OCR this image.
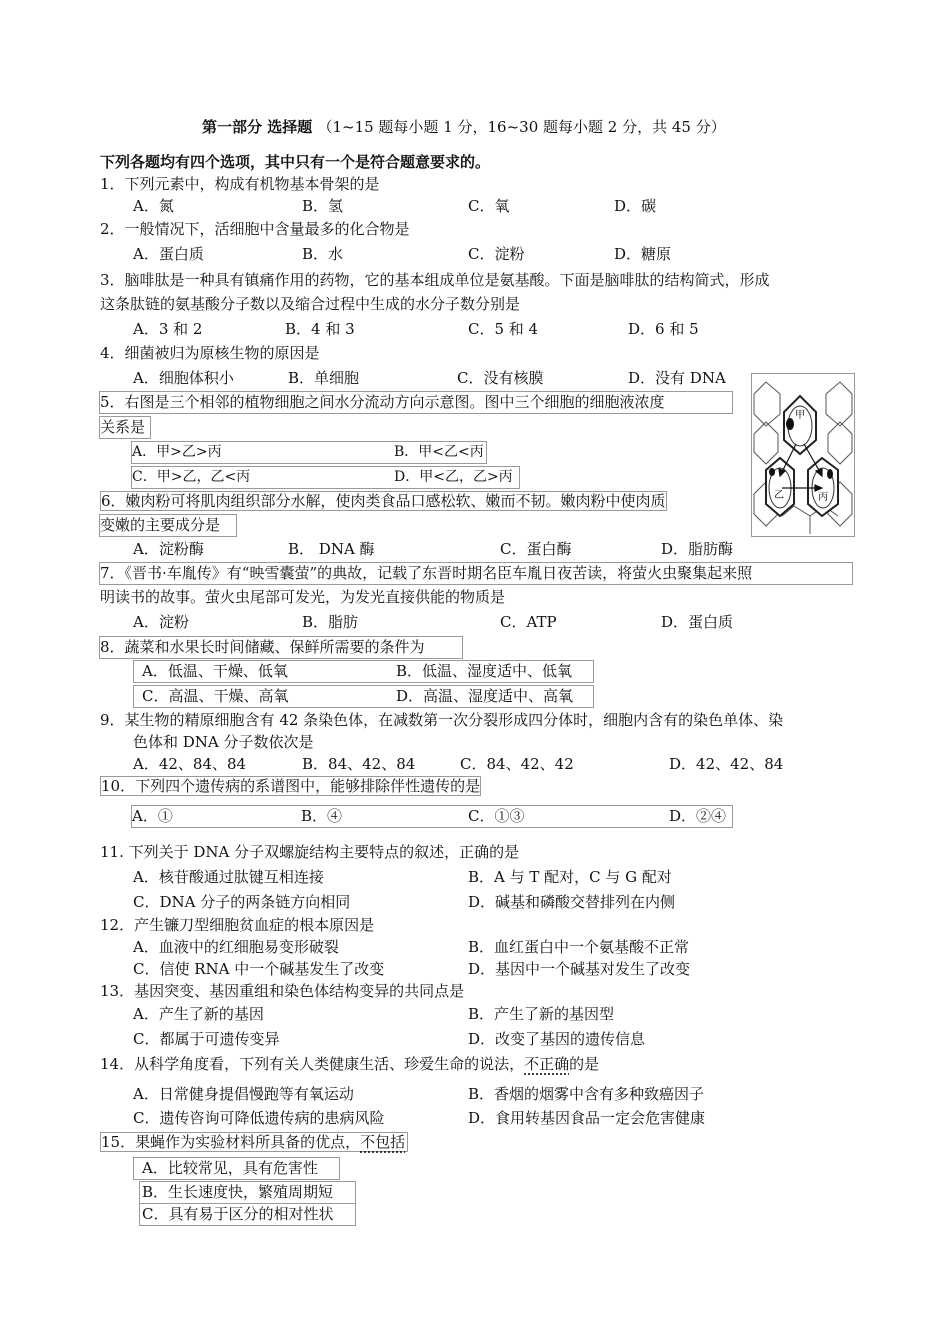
第一部分 选择题 （1~15 题每小题 1 分，16~30 题每小题 2 分，共 45 分）
下列各题均有四个选项，其中只有一个是符合题意要求的。
1．下列元素中，构成有机物基本骨架的是
A．氮	B．氢	C．氧	D．碳
2．一般情况下，活细胞中含量最多的化合物是
A．蛋白质	B．水	C．淀粉	D．糖原
3．脑啡肽是一种具有镇痛作用的药物，它的基本组成单位是氨基酸。下面是脑啡肽的结构简式，形成
这条肽链的氨基酸分子数以及缩合过程中生成的水分子数分别是
A．3 和 2	B．4 和 3	C．5 和 4	D．6 和 5
4．细菌被归为原核生物的原因是
A．细胞体积小	B．单细胞	C．没有核膜	D．没有 DNA
5．右图是三个相邻的植物细胞之间水分流动方向示意图。图中三个细胞的细胞液浓度
关系是
A．甲>乙>丙	B．甲<乙<丙
C．甲>乙，乙<丙	D．甲<乙，乙>丙
甲
乙	丙
6．嫩肉粉可将肌肉组织部分水解，使肉类食品口感松软、嫩而不韧。嫩肉粉中使肉质
变嫩的主要成分是
A．淀粉酶	B． DNA 酶	C．蛋白酶	D．脂肪酶
7．《晋书·车胤传》有“映雪囊萤”的典故，记载了东晋时期名臣车胤日夜苦读，将萤火虫聚集起来照
明读书的故事。萤火虫尾部可发光，为发光直接供能的物质是
A．淀粉	B．脂肪	C．ATP	D．蛋白质
8．蔬菜和水果长时间储藏、保鲜所需要的条件为
A．低温、干燥、低氧	B．低温、湿度适中、低氧
C．高温、干燥、高氧	D．高温、湿度适中、高氧
9．某生物的精原细胞含有 42 条染色体，在减数第一次分裂形成四分体时，细胞内含有的染色单体、染
色体和 DNA 分子数依次是
A．42、84、84	B．84、42、84	C．84、42、42	D．42、42、84
10．下列四个遗传病的系谱图中，能够排除伴性遗传的是
A．①	B．④	C．①③	D．②④
11. 下列关于 DNA 分子双螺旋结构主要特点的叙述，正确的是
A．核苷酸通过肽键互相连接	B．A 与 T 配对，C 与 G 配对
C．DNA 分子的两条链方向相同	D．碱基和磷酸交替排列在内侧
12．产生镰刀型细胞贫血症的根本原因是
A．血液中的红细胞易变形破裂	B．血红蛋白中一个氨基酸不正常
C．信使 RNA 中一个碱基发生了改变	D．基因中一个碱基对发生了改变
13．基因突变、基因重组和染色体结构变异的共同点是
A．产生了新的基因	B．产生了新的基因型
C．都属于可遗传变异	D．改变了基因的遗传信息
14．从科学角度看，下列有关人类健康生活、珍爱生命的说法，不正确的是
A．日常健身提倡慢跑等有氧运动	B．香烟的烟雾中含有多种致癌因子
C．遗传咨询可降低遗传病的患病风险	D．食用转基因食品一定会危害健康
15．果蝇作为实验材料所具备的优点，不包括
A．比较常见，具有危害性
B．生长速度快，繁殖周期短
C．具有易于区分的相对性状
